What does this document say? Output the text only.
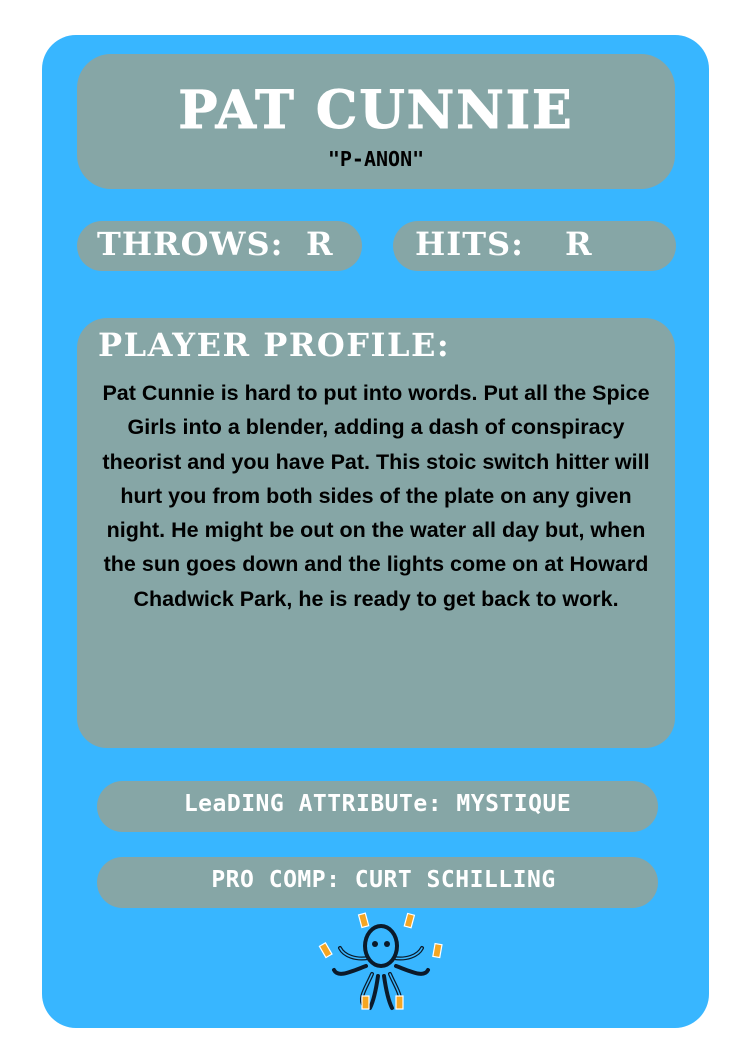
PAT CUNNIE
"P-ANON"
THROWS: R	HITS: R
PLAYER PROFILE:
Pat Cunnie is hard to put into words. Put all the Spice Girls into a blender, adding a dash of conspiracy theorist and you have Pat. This stoic switch hitter will hurt you from both sides of the plate on any given night. He might be out on the water all day but, when the sun goes down and the lights come on at Howard Chadwick Park, he is ready to get back to work.
LeaDING ATTRIBUTe: MYSTIQUE
PRO COMP: CURT SCHILLING
